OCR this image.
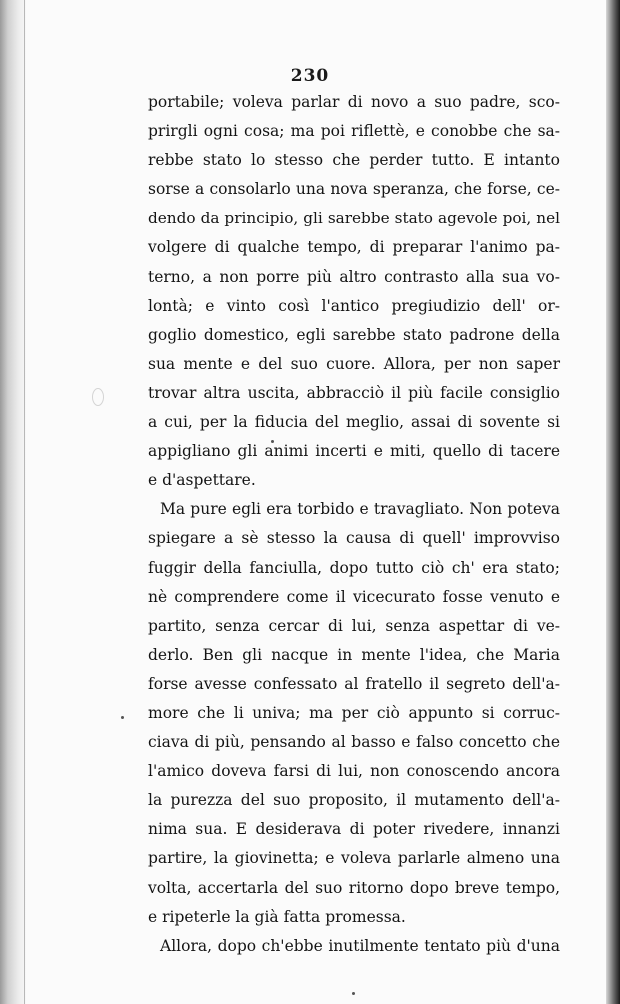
230
portabile; voleva parlar di novo a suo padre, sco-
prirgli ogni cosa; ma poi riflettè, e conobbe che sa-
rebbe stato lo stesso che perder tutto. E intanto
sorse a consolarlo una nova speranza, che forse, ce-
dendo da principio, gli sarebbe stato agevole poi, nel
volgere di qualche tempo, di preparar l'animo pa-
terno, a non porre più altro contrasto alla sua vo-
lontà; e vinto così l'antico pregiudizio dell' or-
goglio domestico, egli sarebbe stato padrone della
sua mente e del suo cuore. Allora, per non saper
trovar altra uscita, abbracciò il più facile consiglio
a cui, per la fiducia del meglio, assai di sovente si
appigliano gli animi incerti e miti, quello di tacere
e d'aspettare.
Ma pure egli era torbido e travagliato. Non poteva
spiegare a sè stesso la causa di quell' improvviso
fuggir della fanciulla, dopo tutto ciò ch' era stato;
nè comprendere come il vicecurato fosse venuto e
partito, senza cercar di lui, senza aspettar di ve-
derlo. Ben gli nacque in mente l'idea, che Maria
forse avesse confessato al fratello il segreto dell'a-
more che li univa; ma per ciò appunto si corruc-
ciava di più, pensando al basso e falso concetto che
l'amico doveva farsi di lui, non conoscendo ancora
la purezza del suo proposito, il mutamento dell'a-
nima sua. E desiderava di poter rivedere, innanzi
partire, la giovinetta; e voleva parlarle almeno una
volta, accertarla del suo ritorno dopo breve tempo,
e ripeterle la già fatta promessa.
Allora, dopo ch'ebbe inutilmente tentato più d'una
